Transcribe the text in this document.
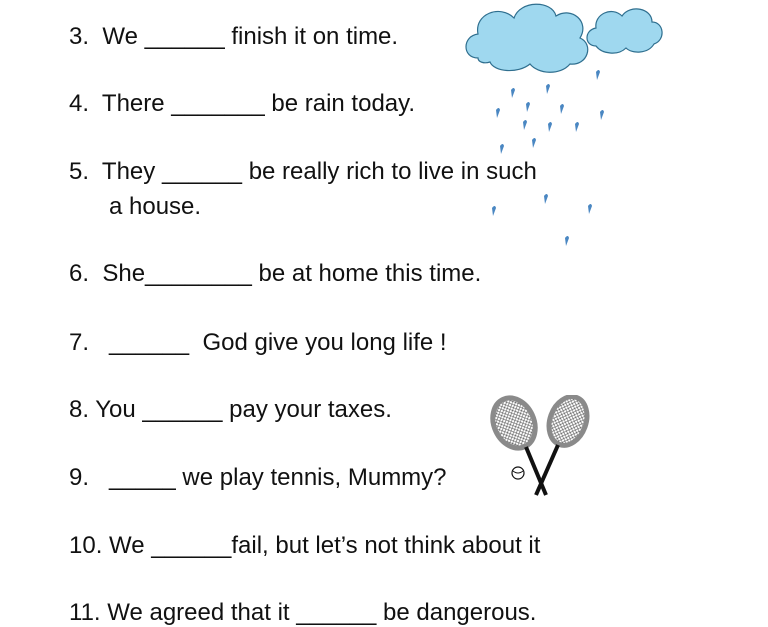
3.  We ______ finish it on time.

4.  There _______ be rain today.

5.  They ______ be really rich to live in such

a house.

6.  She________ be at home this time.

7.   ______  God give you long life !

8. You ______ pay your taxes.

9.   _____ we play tennis, Mummy?

10. We ______fail, but let’s not think about it

11. We agreed that it ______ be dangerous.
